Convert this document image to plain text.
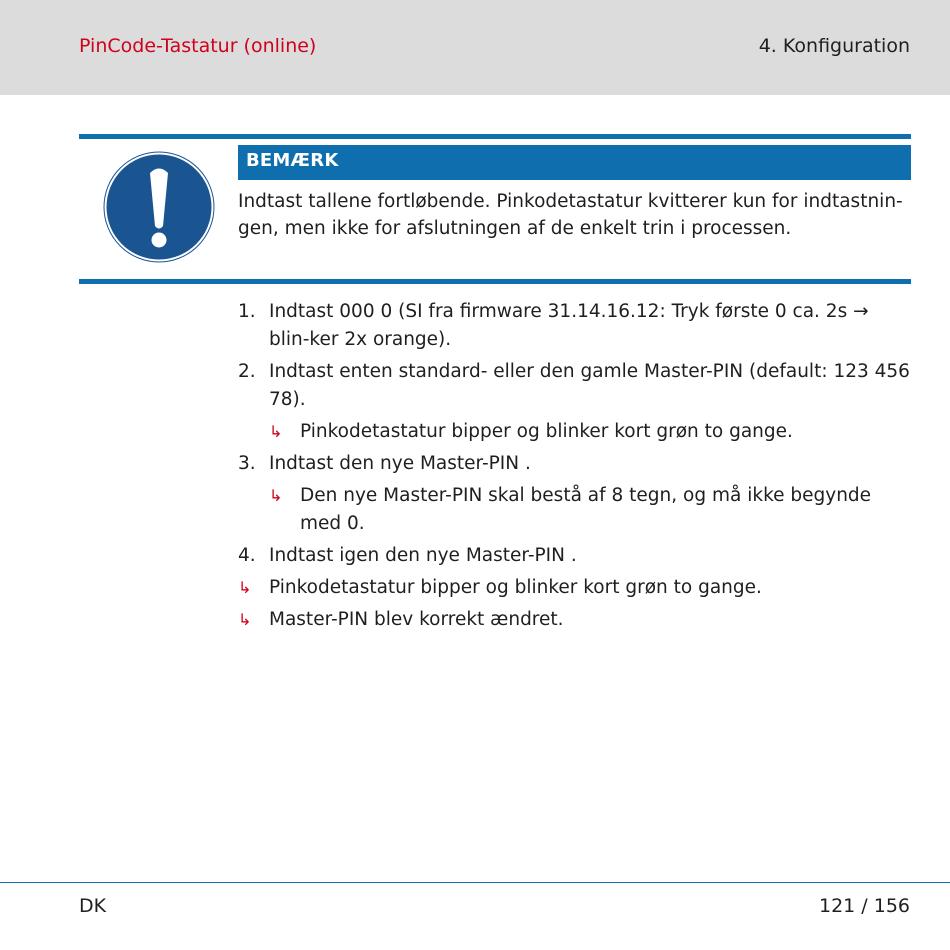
PinCode-Tastatur (online)	4. Konfiguration
BEMÆRK
Indtast tallene fortløbende. Pinkodetastatur kvitterer kun for indtastnin-gen, men ikke for afslutningen af de enkelt trin i processen.
1. Indtast 000 0 (SI fra firmware 31.14.16.12: Tryk første 0 ca. 2s → blin-ker 2x orange).
2. Indtast enten standard- eller den gamle Master-PIN (default: 123 456 78).
↳ Pinkodetastatur bipper og blinker kort grøn to gange.
3. Indtast den nye Master-PIN .
↳ Den nye Master-PIN skal bestå af 8 tegn, og må ikke begynde med 0.
4. Indtast igen den nye Master-PIN .
↳ Pinkodetastatur bipper og blinker kort grøn to gange.
↳ Master-PIN blev korrekt ændret.
DK	121 / 156
